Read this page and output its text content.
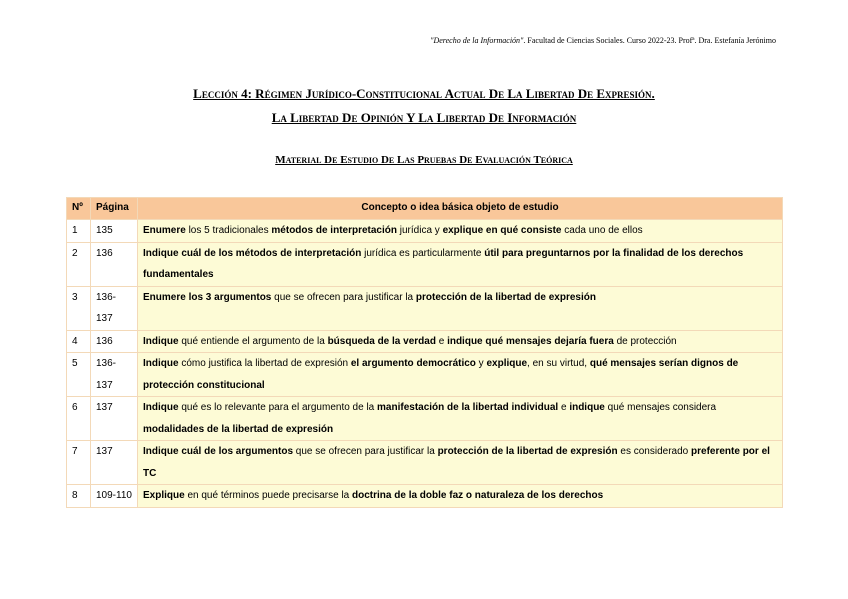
"Derecho de la Información". Facultad de Ciencias Sociales. Curso 2022-23. Profª. Dra. Estefanía Jerónimo
Lección 4: Régimen Jurídico-Constitucional Actual De La Libertad De Expresión.
La Libertad De Opinión Y La Libertad De Información
Material De Estudio De Las Pruebas De Evaluación Teórica
Nº	Página	Concepto o idea básica objeto de estudio
1	135	Enumere los 5 tradicionales métodos de interpretación jurídica y explique en qué consiste cada uno de ellos
2	136	Indique cuál de los métodos de interpretación jurídica es particularmente útil para preguntarnos por la finalidad de los derechos fundamentales
3	136-137	Enumere los 3 argumentos que se ofrecen para justificar la protección de la libertad de expresión
4	136	Indique qué entiende el argumento de la búsqueda de la verdad e indique qué mensajes dejaría fuera de protección
5	136-137	Indique cómo justifica la libertad de expresión el argumento democrático y explique, en su virtud, qué mensajes serían dignos de protección constitucional
6	137	Indique qué es lo relevante para el argumento de la manifestación de la libertad individual e indique qué mensajes considera modalidades de la libertad de expresión
7	137	Indique cuál de los argumentos que se ofrecen para justificar la protección de la libertad de expresión es considerado preferente por el TC
8	109-110	Explique en qué términos puede precisarse la doctrina de la doble faz o naturaleza de los derechos
